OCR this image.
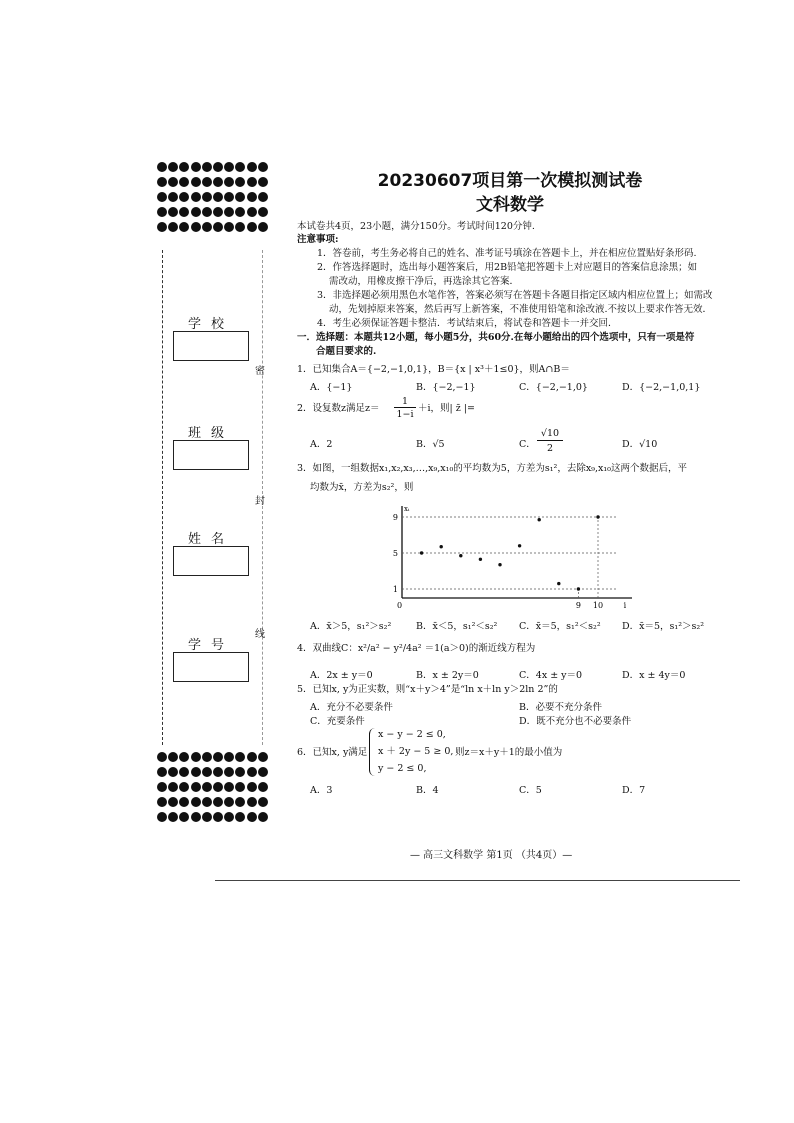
学校
班级
姓名
学号
密
封
线
20230607项目第一次模拟测试卷
文科数学
本试卷共4页，23小题，满分150分。考试时间120分钟.
注意事项:
1．答卷前，考生务必将自己的姓名、准考证号填涂在答题卡上，并在相应位置贴好条形码.
2．作答选择题时，选出每小题答案后，用2B铅笔把答题卡上对应题目的答案信息涂黑；如
需改动，用橡皮擦干净后，再选涂其它答案．
3．非选择题必须用黑色水笔作答，答案必须写在答题卡各题目指定区域内相应位置上；如需改
动，先划掉原来答案，然后再写上新答案，不准使用铅笔和涂改液.不按以上要求作答无效．
4．考生必须保证答题卡整洁．考试结束后，将试卷和答题卡一并交回．
一．选择题：本题共12小题，每小题5分，共60分.在每小题给出的四个选项中，只有一项是符
合题目要求的.
1．已知集合A＝{−2,−1,0,1}，B＝{x | x³＋1≤0}，则A∩B＝
A．{−1}	B．{−2,−1}	C．{−2,−1,0}	D．{−2,−1,0,1}
2．设复数z满足z＝
1
1−i
＋i，则| z̄ |=
A．2	B．√5	C．
√10
2	D．√10
3．如图，一组数据x₁,x₂,x₃,…,x₉,x₁₀的平均数为5，方差为s₁²，去除x₉,x₁₀这两个数据后，平
均数为x̄，方差为s₂²，则
9
5
1
9 10
0
xᵢ
i
A．x̄＞5，s₁²＞s₂²	B．x̄＜5，s₁²＜s₂² C．x̄＝5，s₁²＜s₂² D．x̄＝5，s₁²＞s₂²
4．双曲线C：x²/a² − y²/4a² ＝1(a＞0)的渐近线方程为
A．2x ± y＝0	B．x ± 2y＝0	C．4x ± y＝0	D．x ± 4y＝0
5．已知x, y为正实数，则“x＋y＞4”是“ln x＋ln y＞2ln 2”的
A．充分不必要条件	B．必要不充分条件
C．充要条件	D．既不充分也不必要条件
6．已知x, y满足
x − y − 2 ≤ 0,
x ＋ 2y − 5 ≥ 0,
y − 2 ≤ 0,
则z＝x＋y＋1的最小值为
A．3	B．4	C．5	D．7
— 高三文科数学 第1页 （共4页）—
